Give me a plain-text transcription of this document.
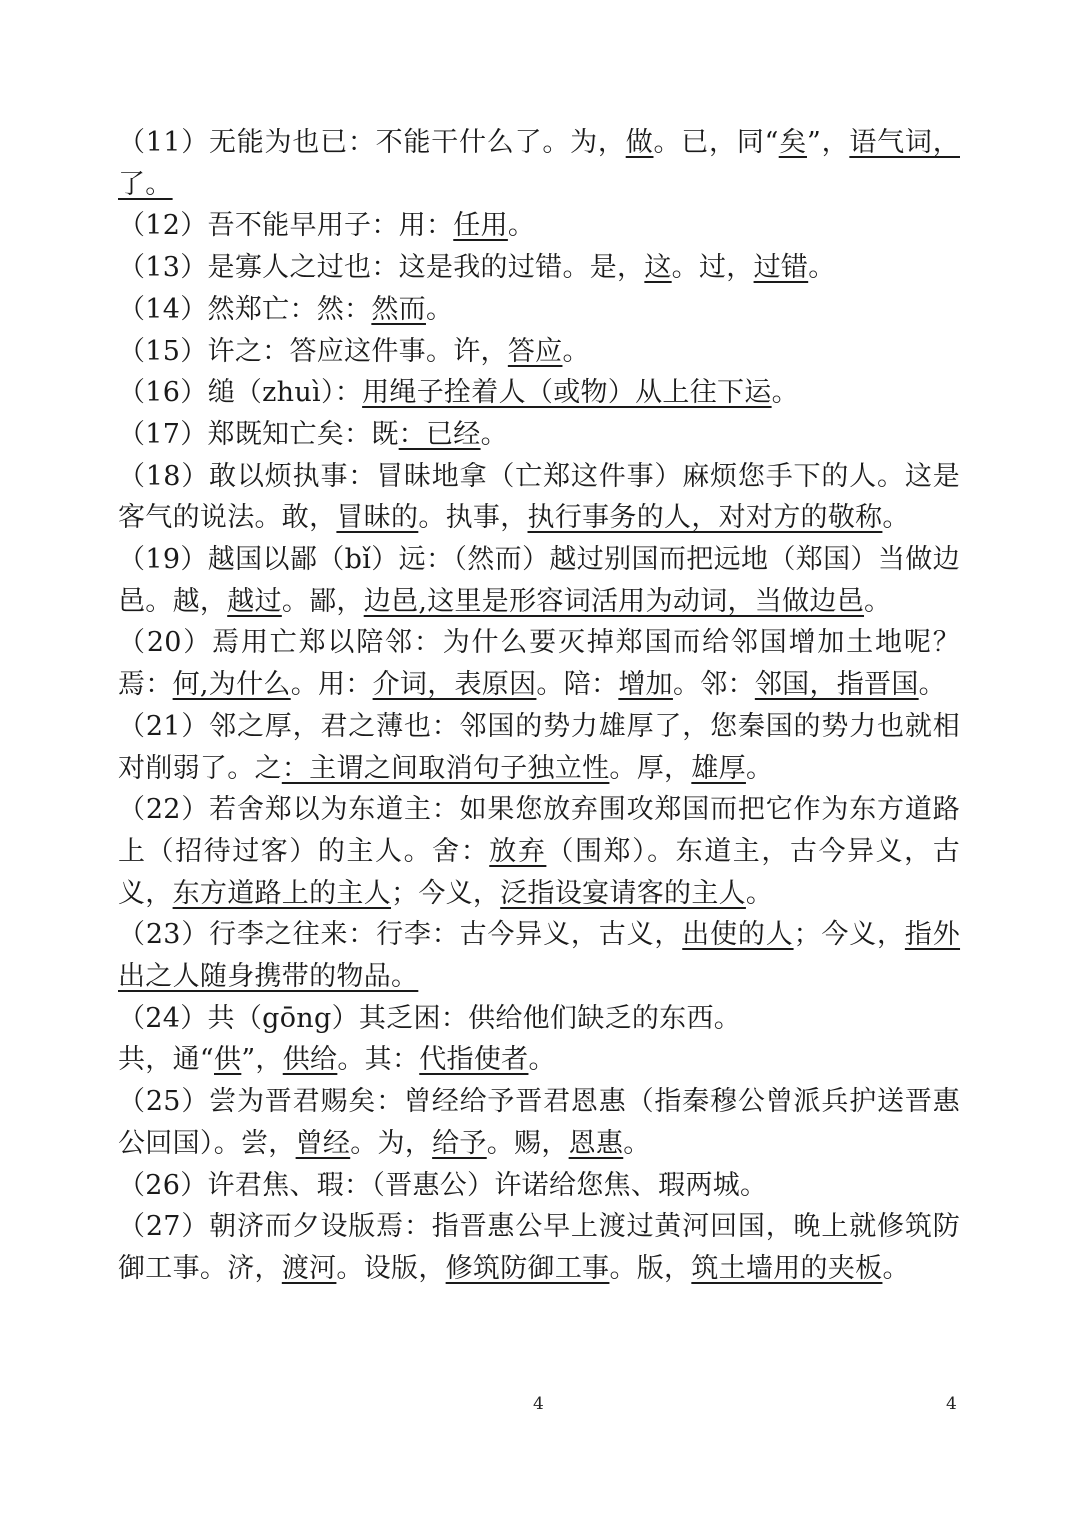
（11）无能为也已：不能干什么了。为，做。已，同“矣”，语气词，了。

（12）吾不能早用子：用：任用。

（13）是寡人之过也：这是我的过错。是，这。过，过错。

（14）然郑亡：然：然而。

（15）许之：答应这件事。许，答应。

（16）缒（zhuì）：用绳子拴着人（或物）从上往下运。

（17）郑既知亡矣：既：已经。

（18）敢以烦执事：冒昧地拿（亡郑这件事）麻烦您手下的人。这是客气的说法。敢，冒昧的。执事，执行事务的人，对对方的敬称。

（19）越国以鄙（bǐ）远：（然而）越过别国而把远地（郑国）当做边邑。越，越过。鄙，边邑,这里是形容词活用为动词，当做边邑。

（20）焉用亡郑以陪邻：为什么要灭掉郑国而给邻国增加土地呢？焉：何,为什么。用：介词，表原因。陪：增加。邻：邻国，指晋国。

（21）邻之厚，君之薄也：邻国的势力雄厚了，您秦国的势力也就相对削弱了。之：主谓之间取消句子独立性。厚，雄厚。

（22）若舍郑以为东道主：如果您放弃围攻郑国而把它作为东方道路上（招待过客）的主人。舍：放弃（围郑）。东道主，古今异义，古义，东方道路上的主人；今义，泛指设宴请客的主人。

（23）行李之往来：行李：古今异义，古义，出使的人；今义，指外出之人随身携带的物品。

（24）共（gōng）其乏困：供给他们缺乏的东西。

共，通“供”，供给。其：代指使者。

（25）尝为晋君赐矣：曾经给予晋君恩惠（指秦穆公曾派兵护送晋惠公回国）。尝，曾经。为，给予。赐，恩惠。

（26）许君焦、瑕：（晋惠公）许诺给您焦、瑕两城。

（27）朝济而夕设版焉：指晋惠公早上渡过黄河回国，晚上就修筑防御工事。济，渡河。设版，修筑防御工事。版，筑土墙用的夹板。

4	4
